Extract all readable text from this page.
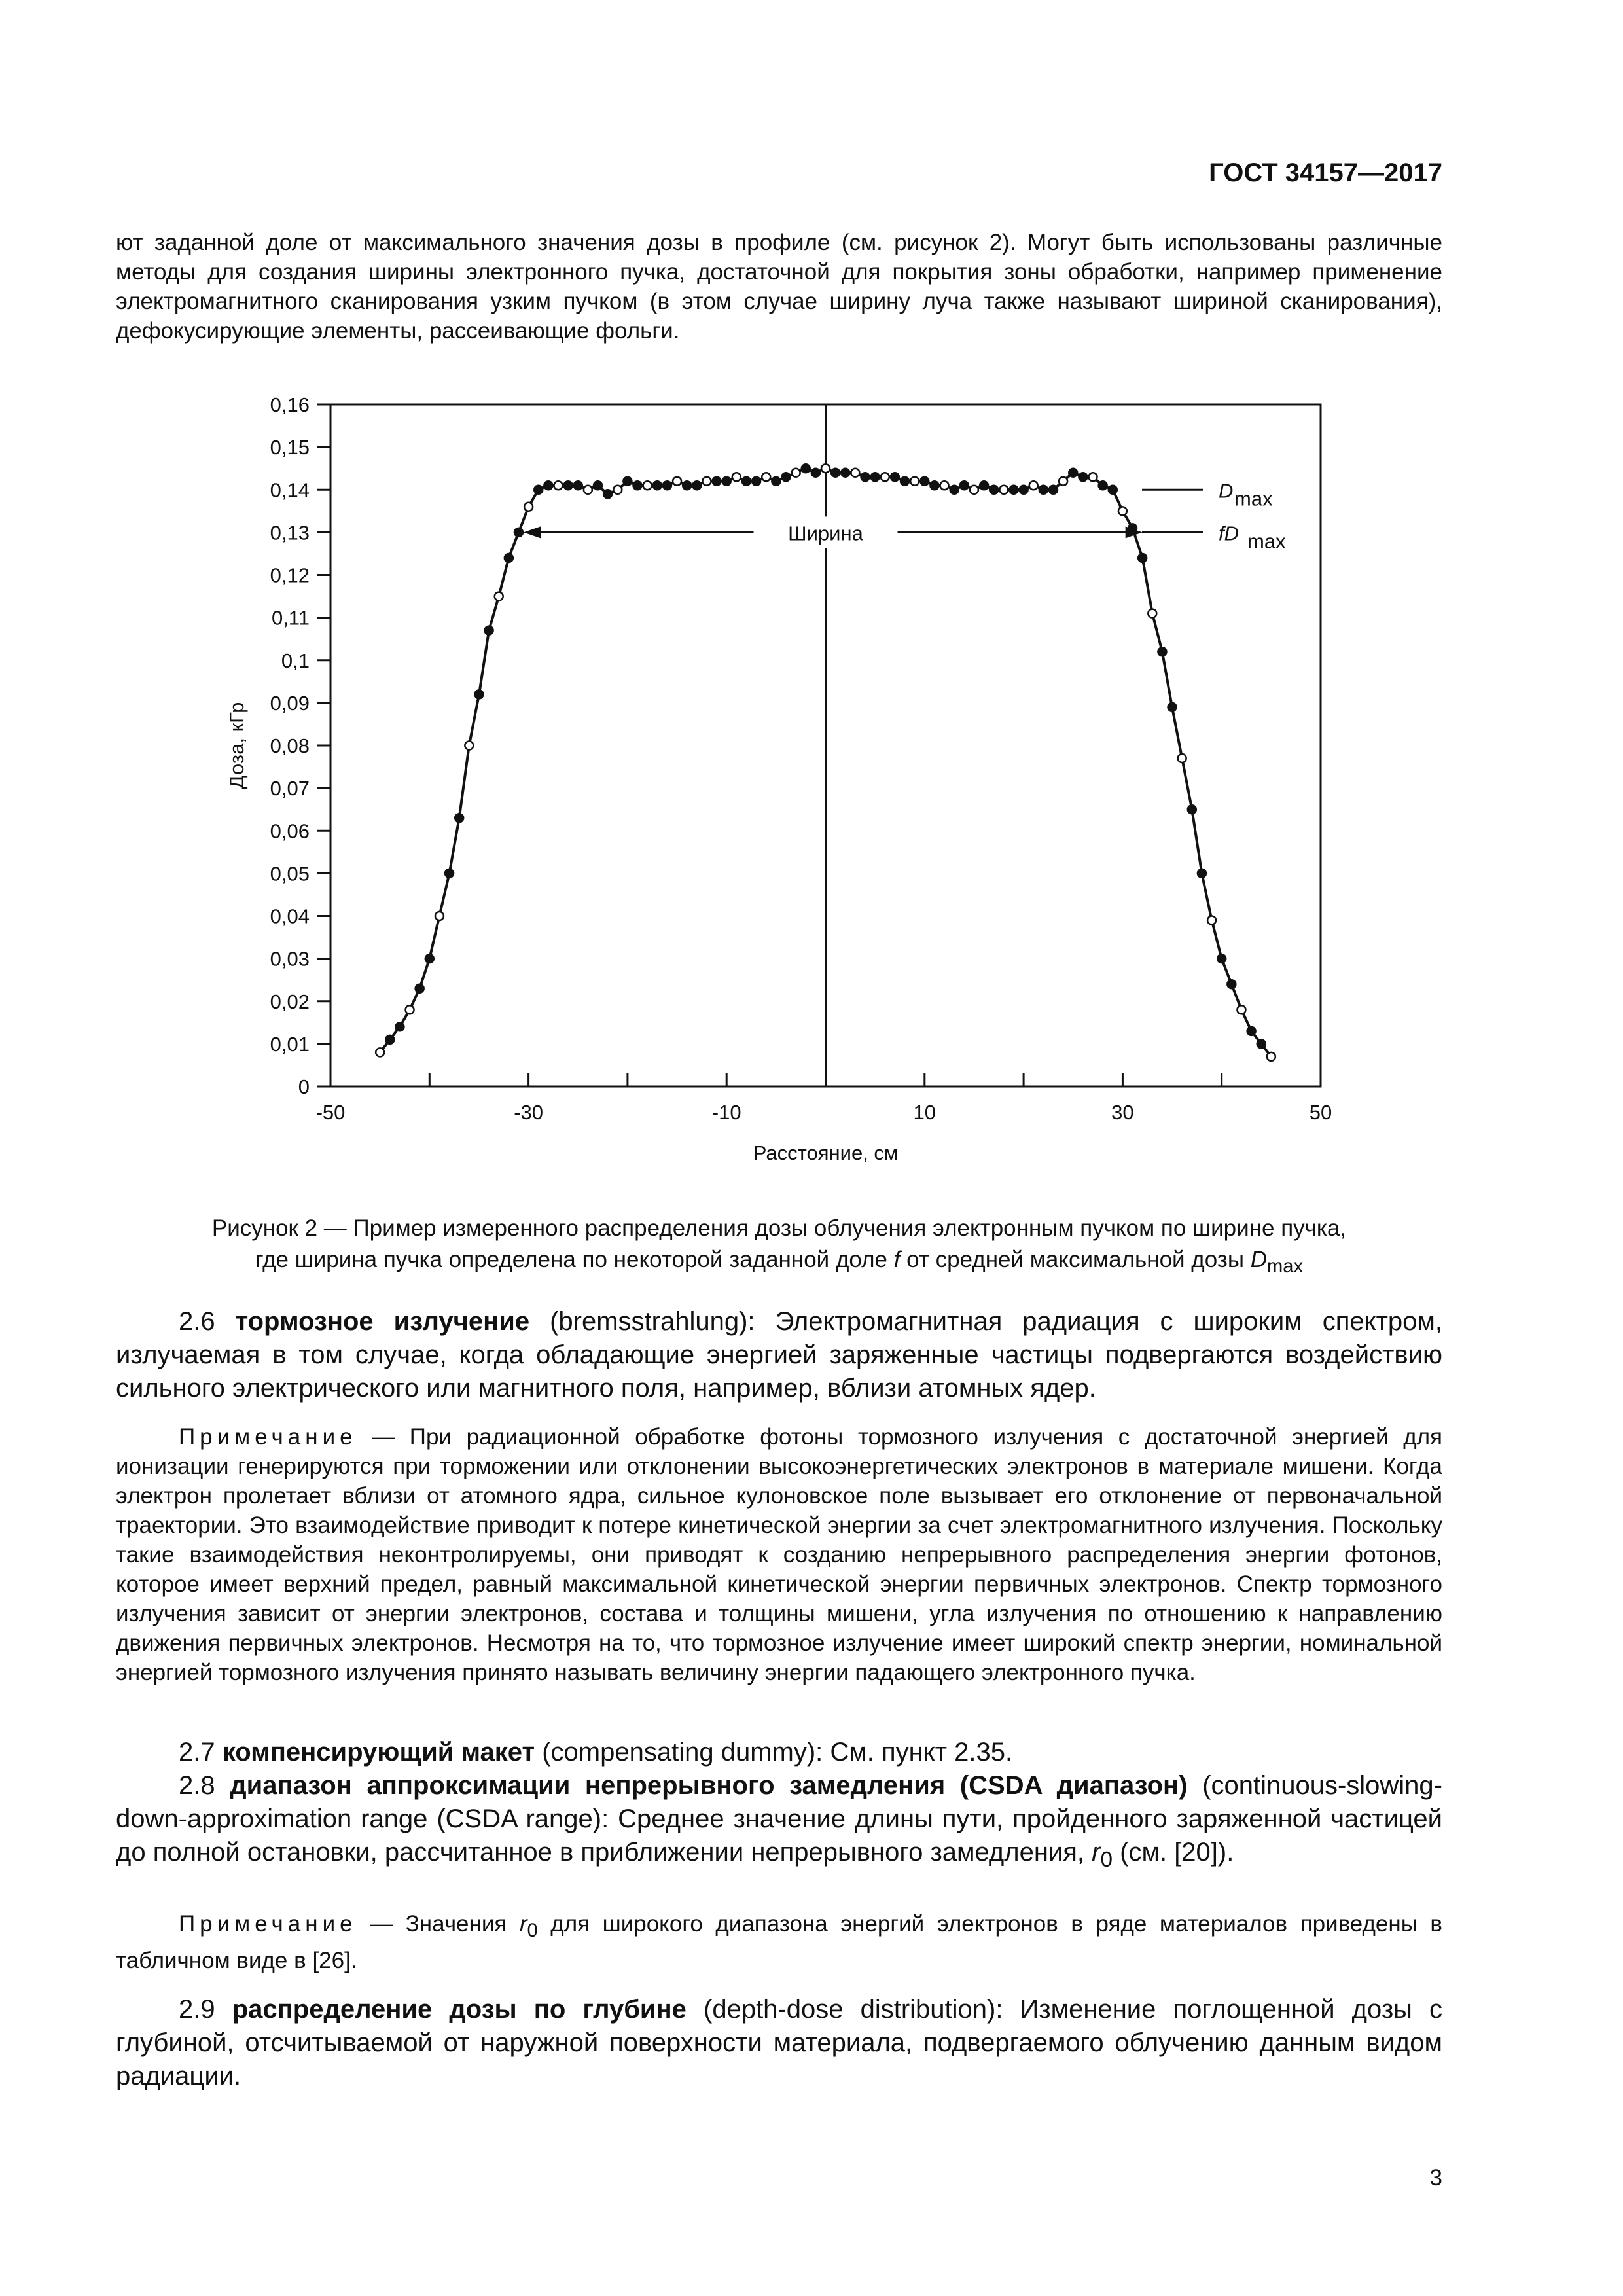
ГОСТ 34157—2017
ют заданной доле от максимального значения дозы в профиле (см. рисунок 2). Могут быть использованы различные методы для создания ширины электронного пучка, достаточной для покрытия зоны обработки, например применение электромагнитного сканирования узким пучком (в этом случае ширину луча также называют шириной сканирования), дефокусирующие элементы, рассеивающие фольги.
0
0,01
0,02
0,03
0,04
0,05
0,06
0,07
0,08
0,09
0,1
0,11
0,12
0,13
0,14
0,15
0,16
-50	-30	-10	10	30	50
Расстояние, см
Доза, кГр
Ширина
D max
fD max
Рисунок 2 — Пример измеренного распределения дозы облучения электронным пучком по ширине пучка,
где ширина пучка определена по некоторой заданной доле f от средней максимальной дозы $D_{max}$
2.6 тормозное излучение (bremsstrahlung): Электромагнитная радиация с широким спектром, излучаемая в том случае, когда обладающие энергией заряженные частицы подвергаются воздействию сильного электрического или магнитного поля, например, вблизи атомных ядер.
Примечание — При радиационной обработке фотоны тормозного излучения с достаточной энергией для ионизации генерируются при торможении или отклонении высокоэнергетических электронов в материале мишени. Когда электрон пролетает вблизи от атомного ядра, сильное кулоновское поле вызывает его отклонение от первоначальной траектории. Это взаимодействие приводит к потере кинетической энергии за счет электромагнитного излучения. Поскольку такие взаимодействия неконтролируемы, они приводят к созданию непрерывного распределения энергии фотонов, которое имеет верхний предел, равный максимальной кинетической энергии первичных электронов. Спектр тормозного излучения зависит от энергии электронов, состава и толщины мишени, угла излучения по отношению к направлению движения первичных электронов. Несмотря на то, что тормозное излучение имеет широкий спектр энергии, номинальной энергией тормозного излучения принято называть величину энергии падающего электронного пучка.
2.7 компенсирующий макет (compensating dummy): См. пункт 2.35.
2.8 диапазон аппроксимации непрерывного замедления (CSDA диапазон) (continuous-slowing-down-approximation range (CSDA range): Среднее значение длины пути, пройденного заряженной частицей до полной остановки, рассчитанное в приближении непрерывного замедления, $r_0$ (см. [20]).
Примечание — Значения $r_0$ для широкого диапазона энергий электронов в ряде материалов приведены в табличном виде в [26].
2.9 распределение дозы по глубине (depth-dose distribution): Изменение поглощенной дозы с глубиной, отсчитываемой от наружной поверхности материала, подвергаемого облучению данным видом радиации.
3
